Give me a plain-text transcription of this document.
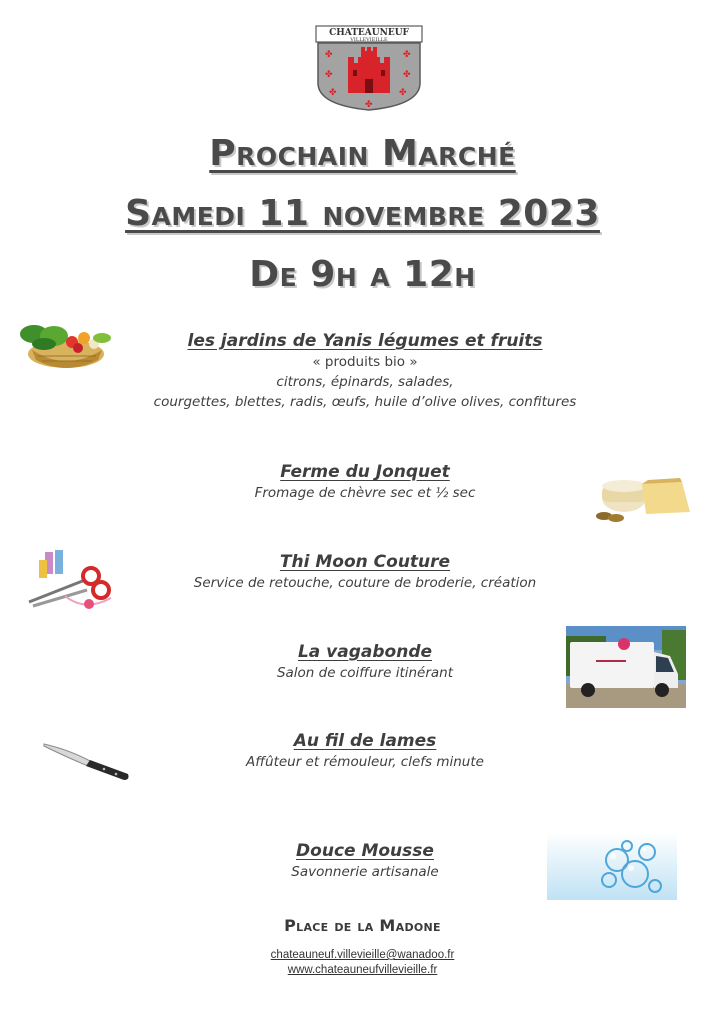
CHATEAUNEUF
VILLEVIEILLE
✤	✤
✤	✤
✤	✤
✤
Prochain Marché
Samedi 11 novembre 2023
De 9h a 12h
les jardins de Yanis légumes et fruits
« produits bio »
citrons, épinards, salades,
courgettes, blettes, radis, œufs, huile d’olive olives, confitures
Ferme du Jonquet
Fromage de chèvre sec et ½ sec
Thi Moon Couture
Service de retouche, couture de broderie, création
La vagabonde
Salon de coiffure itinérant
Au fil de lames
Affûteur et rémouleur, clefs minute
Douce Mousse
Savonnerie artisanale
Place de la Madone
chateauneuf.villevieille@wanadoo.fr
www.chateauneufvillevieille.fr
